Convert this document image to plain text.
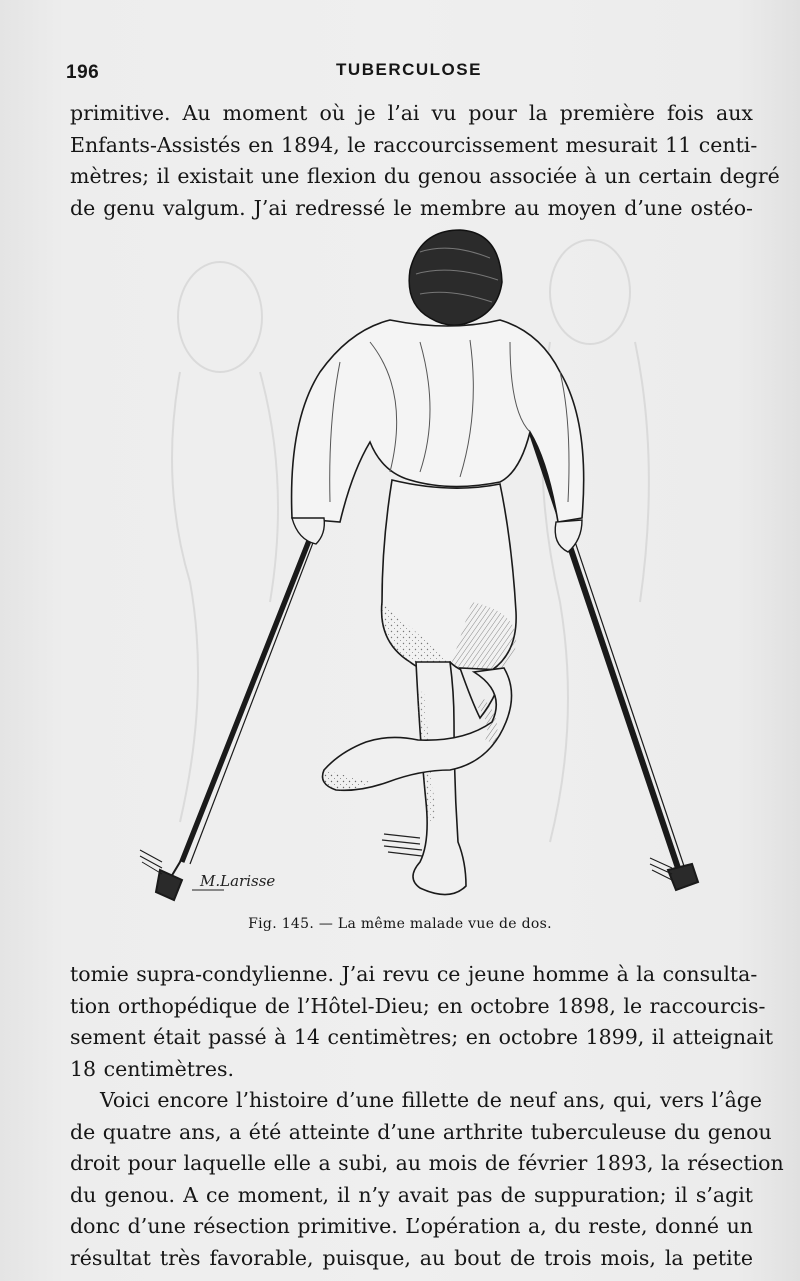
196	TUBERCULOSE
primitive. Au moment où je l’ai vu pour la première fois aux
Enfants-Assistés en 1894, le raccourcissement mesurait 11 centi-
mètres; il existait une flexion du genou associée à un certain degré
de genu valgum. J’ai redressé le membre au moyen d’une ostéo-
M.Larisse
Fig. 145. — La même malade vue de dos.
tomie supra-condylienne. J’ai revu ce jeune homme à la consulta-
tion orthopédique de l’Hôtel-Dieu; en octobre 1898, le raccourcis-
sement était passé à 14 centimètres; en octobre 1899, il atteignait
18 centimètres.
Voici encore l’histoire d’une fillette de neuf ans, qui, vers l’âge
de quatre ans, a été atteinte d’une arthrite tuberculeuse du genou
droit pour laquelle elle a subi, au mois de février 1893, la résection
du genou. A ce moment, il n’y avait pas de suppuration; il s’agit
donc d’une résection primitive. L’opération a, du reste, donné un
résultat très favorable, puisque, au bout de trois mois, la petite
